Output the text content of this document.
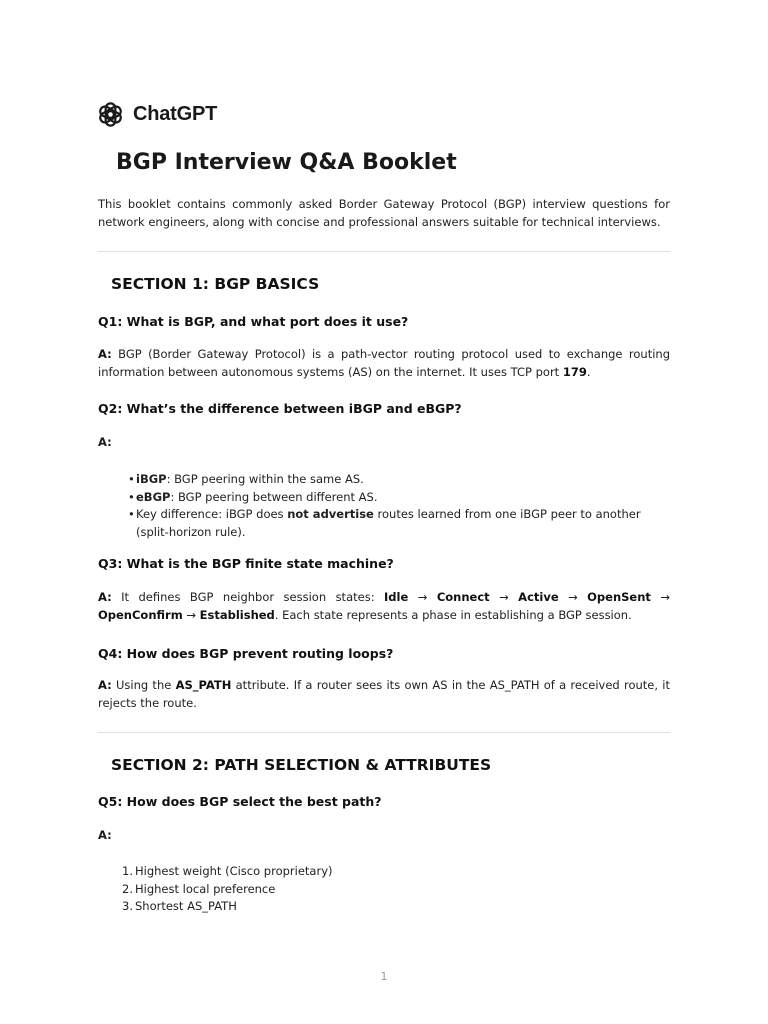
ChatGPT
BGP Interview Q&A Booklet

This booklet contains commonly asked Border Gateway Protocol (BGP) interview questions for network engineers, along with concise and professional answers suitable for technical interviews.

SECTION 1: BGP BASICS
Q1: What is BGP, and what port does it use?

A: BGP (Border Gateway Protocol) is a path-vector routing protocol used to exchange routing information between autonomous systems (AS) on the internet. It uses TCP port 179.

Q2: What’s the difference between iBGP and eBGP?
A:
• iBGP: BGP peering within the same AS.
• eBGP: BGP peering between different AS.
• Key difference: iBGP does not advertise routes learned from one iBGP peer to another (split-horizon rule).
Q3: What is the BGP finite state machine?

A: It defines BGP neighbor session states: Idle → Connect → Active → OpenSent → OpenConfirm → Established. Each state represents a phase in establishing a BGP session.

Q4: How does BGP prevent routing loops?

A: Using the AS_PATH attribute. If a router sees its own AS in the AS_PATH of a received route, it rejects the route.

SECTION 2: PATH SELECTION & ATTRIBUTES
Q5: How does BGP select the best path?
A:
1. Highest weight (Cisco proprietary)
2. Highest local preference
3. Shortest AS_PATH
1
